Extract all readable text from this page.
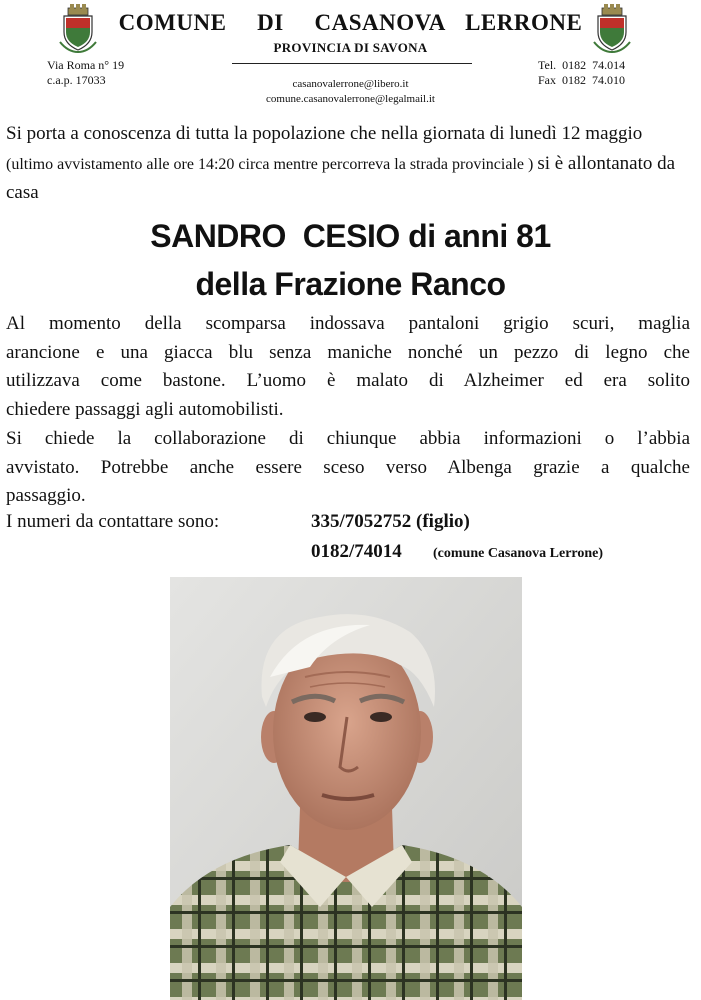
COMUNE   DI   CASANOVA  LERRONE
PROVINCIA DI SAVONA
Via Roma n° 19
c.a.p. 17033	casanovalerrone@libero.it
comune.casanovalerrone@legalmail.it
Tel.  0182  74.014
Fax  0182  74.010
Si porta a conoscenza di tutta la popolazione che nella giornata di lunedì 12 maggio (ultimo avvistamento alle ore 14:20 circa mentre percorreva la strada provinciale ) si è allontanato da casa
SANDRO  CESIO di anni 81
della Frazione Ranco
Al momento della scomparsa indossava pantaloni grigio scuri, maglia
arancione e una giacca blu senza maniche nonché un pezzo di legno che
utilizzava come bastone. L’uomo è malato di Alzheimer ed era solito
chiedere passaggi agli automobilisti.
Si chiede la collaborazione di chiunque abbia informazioni o l’abbia
avvistato. Potrebbe anche essere sceso verso Albenga grazie a qualche
passaggio.
I numeri da contattare sono:	335/7052752 (figlio)
0182/74014 (comune Casanova Lerrone)
